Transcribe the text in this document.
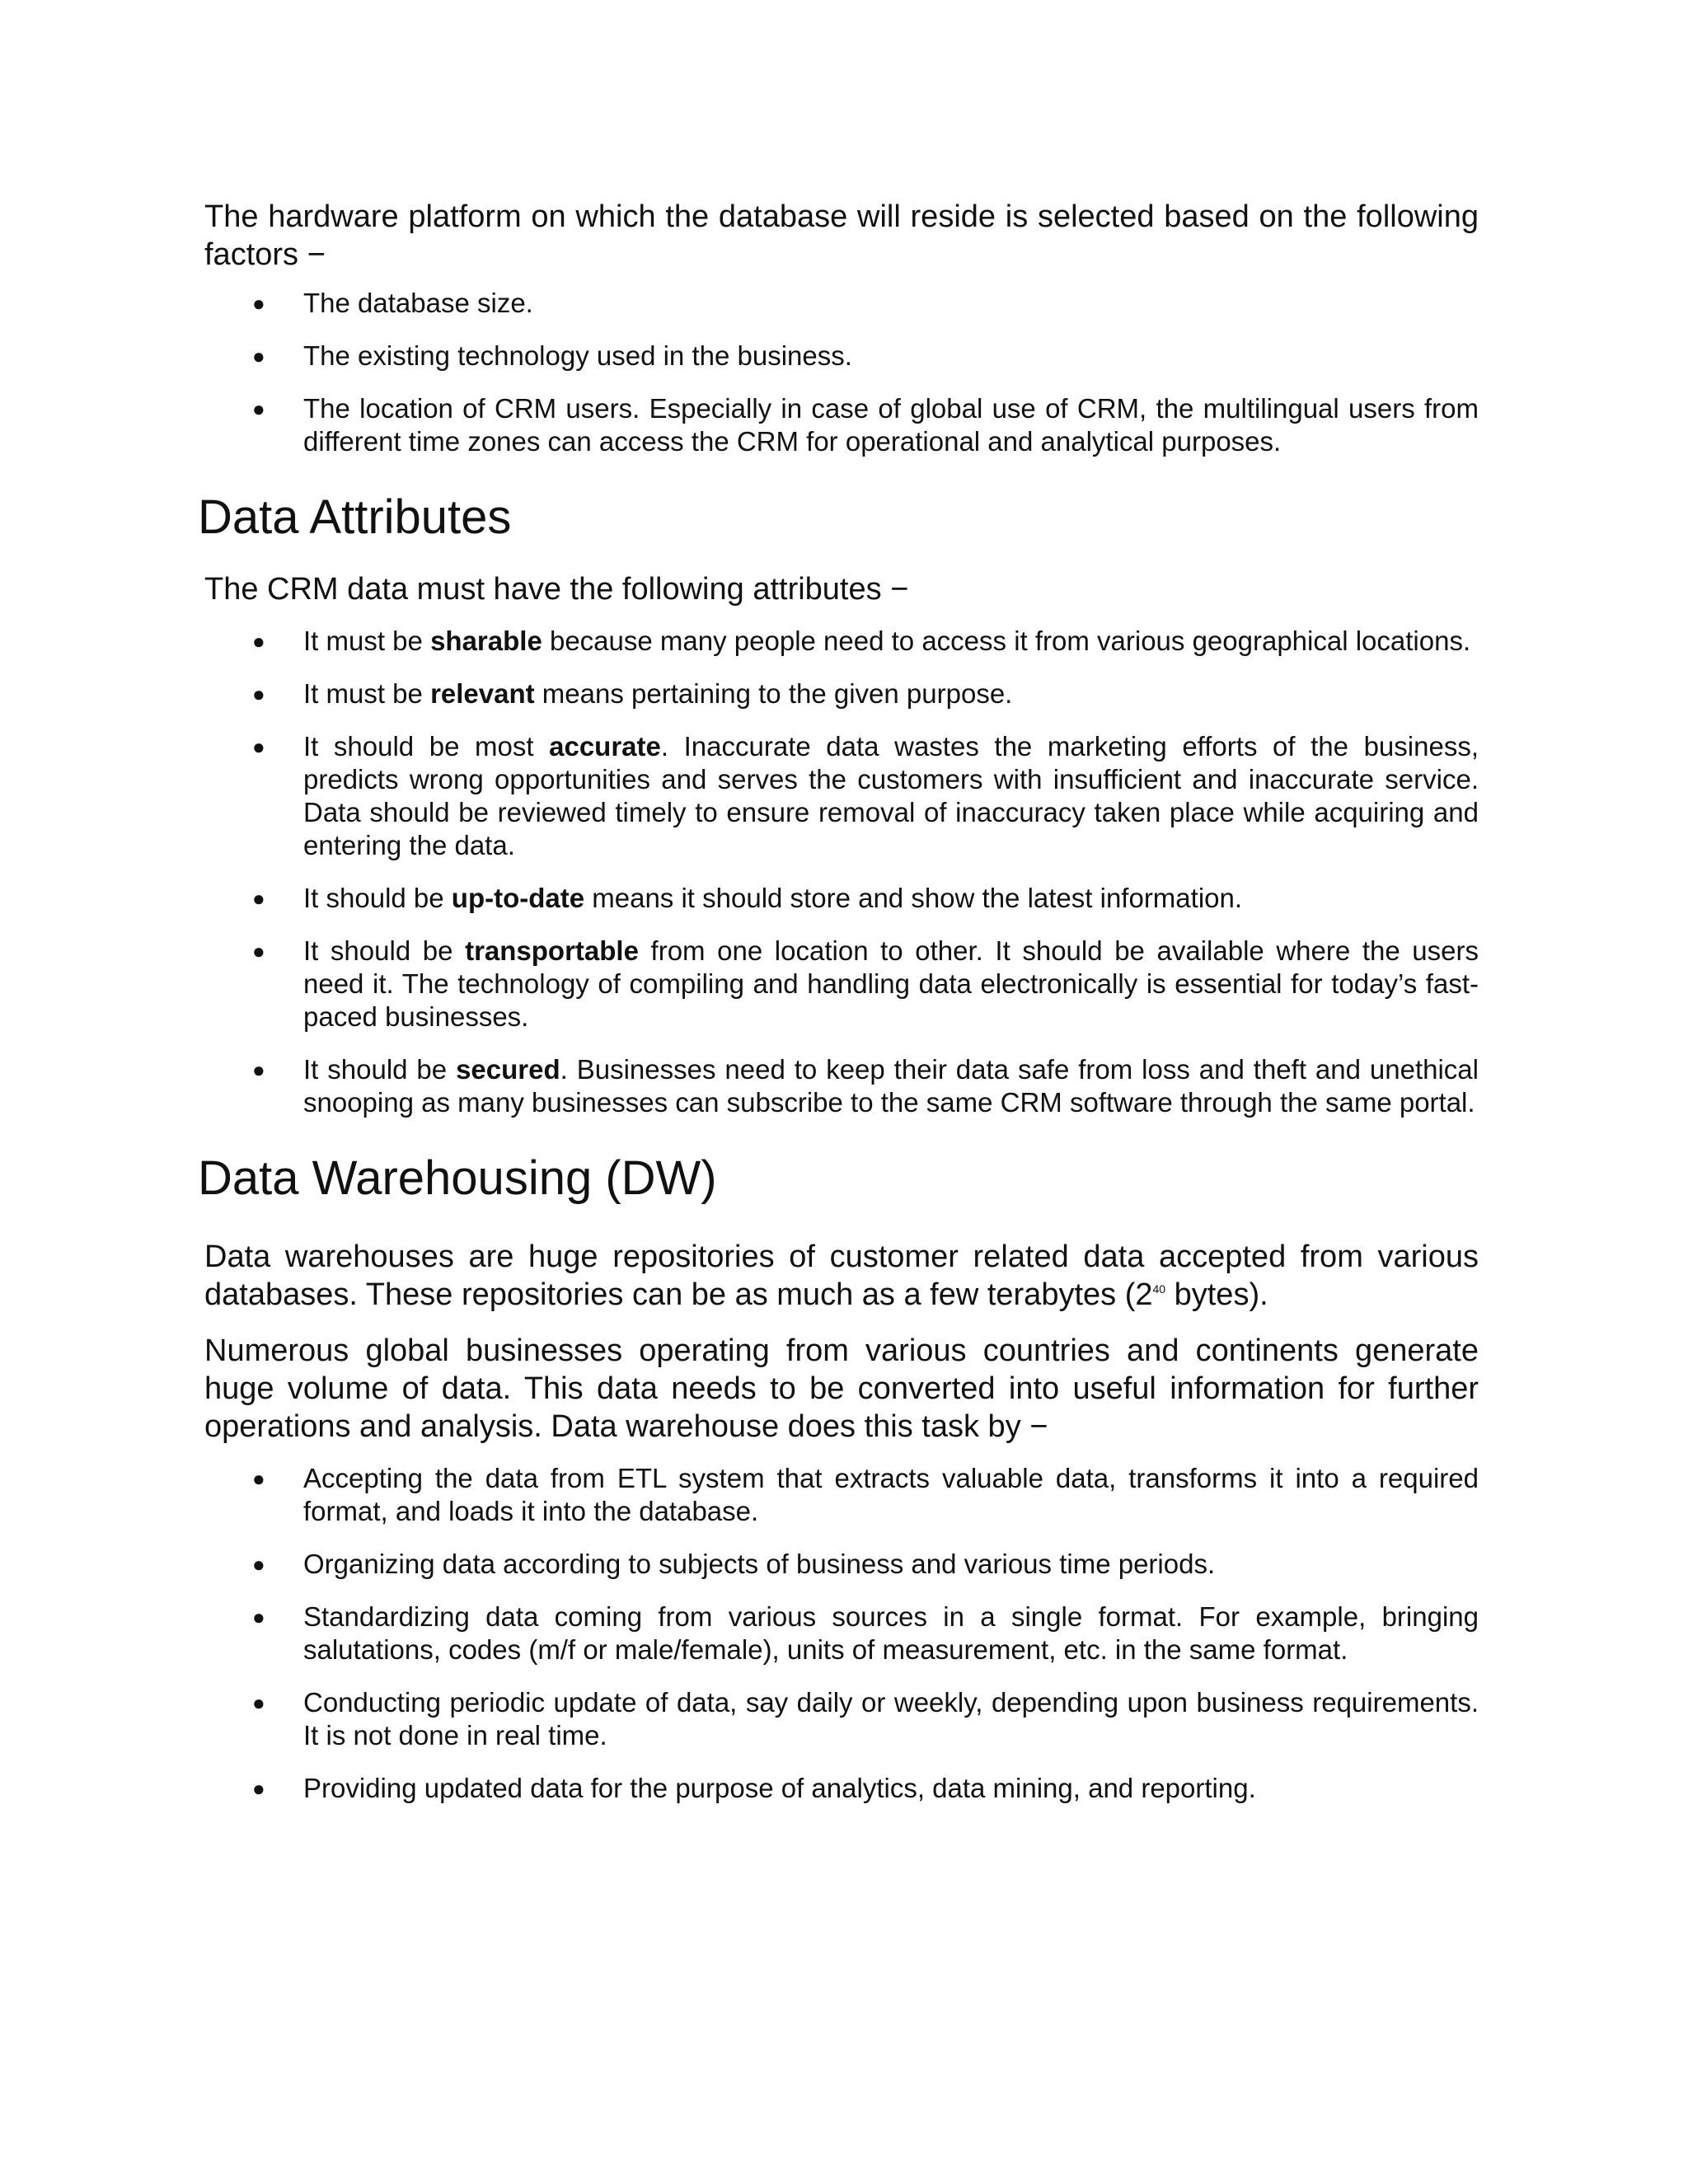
The hardware platform on which the database will reside is selected based on the following factors −

● The database size.
● The existing technology used in the business.
● The location of CRM users. Especially in case of global use of CRM, the multilingual users from different time zones can access the CRM for operational and analytical purposes.
Data Attributes

The CRM data must have the following attributes −

● It must be sharable because many people need to access it from various geographical locations.
● It must be relevant means pertaining to the given purpose.
● It should be most accurate. Inaccurate data wastes the marketing efforts of the business, predicts wrong opportunities and serves the customers with insufficient and inaccurate service. Data should be reviewed timely to ensure removal of inaccuracy taken place while acquiring and entering the data.
● It should be up-to-date means it should store and show the latest information.
● It should be transportable from one location to other. It should be available where the users need it. The technology of compiling and handling data electronically is essential for today’s fast-paced businesses.
● It should be secured. Businesses need to keep their data safe from loss and theft and unethical snooping as many businesses can subscribe to the same CRM software through the same portal.
Data Warehousing (DW)

Data warehouses are huge repositories of customer related data accepted from various databases. These repositories can be as much as a few terabytes ($2^{40}$ bytes).

Numerous global businesses operating from various countries and continents generate huge volume of data. This data needs to be converted into useful information for further operations and analysis. Data warehouse does this task by −

● Accepting the data from ETL system that extracts valuable data, transforms it into a required format, and loads it into the database.
● Organizing data according to subjects of business and various time periods.
● Standardizing data coming from various sources in a single format. For example, bringing salutations, codes (m/f or male/female), units of measurement, etc. in the same format.
● Conducting periodic update of data, say daily or weekly, depending upon business requirements. It is not done in real time.
● Providing updated data for the purpose of analytics, data mining, and reporting.
